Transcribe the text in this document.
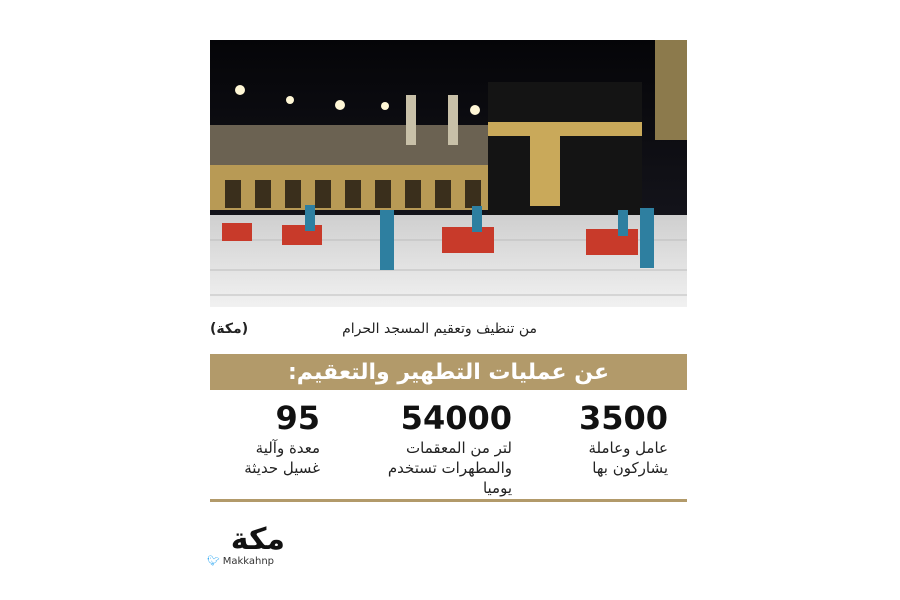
من تنظيف وتعقيم المسجد الحرام
(مكة)
عن عمليات التطهير والتعقيم:
3500
عامل وعاملة
يشاركون بها
54000
لتر من المعقمات
والمطهرات تستخدم يوميا
95
معدة وآلية
غسيل حديثة
مكة
🐦︎ Makkahnp
